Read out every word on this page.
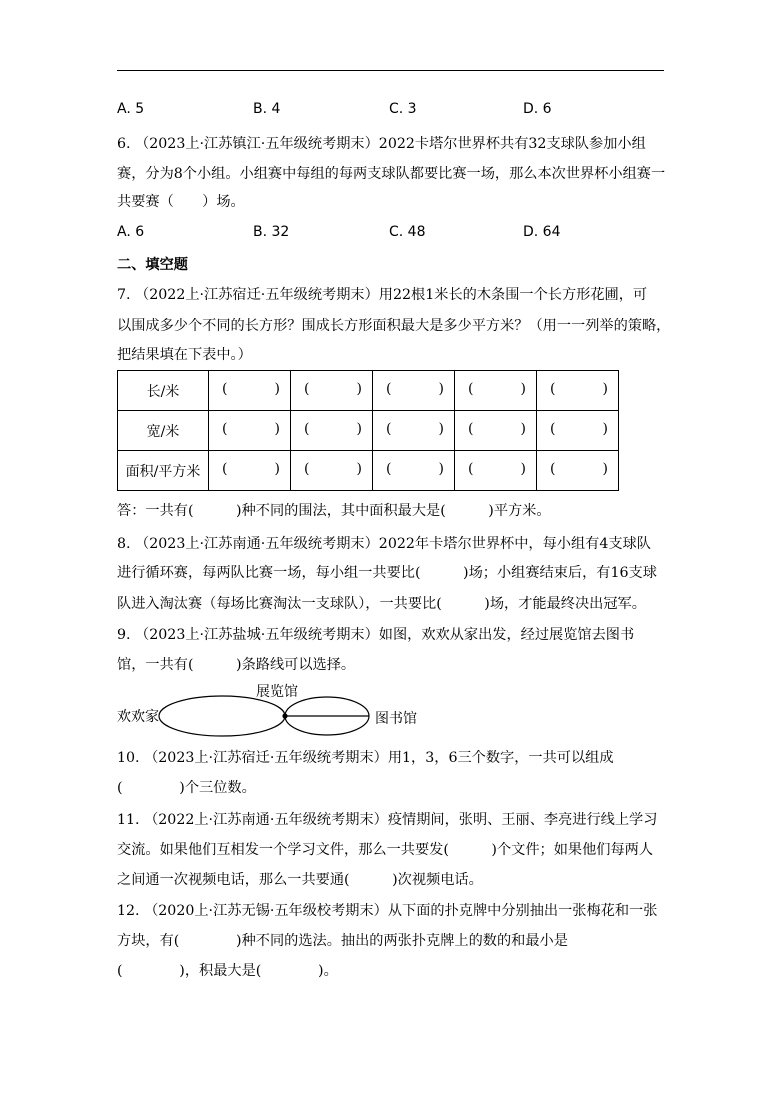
A. 5	B. 4	C. 3	D. 6
6. （2023上·江苏镇江·五年级统考期末）2022卡塔尔世界杯共有32支球队参加小组
赛，分为8个小组。小组赛中每组的每两支球队都要比赛一场，那么本次世界杯小组赛一
共要赛（　　）场。
A. 6	B. 32	C. 48	D. 64
二、填空题
7. （2022上·江苏宿迁·五年级统考期末）用22根1米长的木条围一个长方形花圃，可
以围成多少个不同的长方形？围成长方形面积最大是多少平方米？（用一一列举的策略，
把结果填在下表中。）
长/米	( )	( )	( )	( )	( )

宽/米	( )	( )	( )	( )	( )

面积/平方米	( )	( )	( )	( )	( )
答：一共有(　　　)种不同的围法，其中面积最大是(　　　)平方米。
8. （2023上·江苏南通·五年级统考期末）2022年卡塔尔世界杯中，每小组有4支球队
进行循环赛，每两队比赛一场，每小组一共要比(　　　)场；小组赛结束后，有16支球
队进入淘汰赛（每场比赛淘汰一支球队），一共要比(　　　)场，才能最终决出冠军。
9. （2023上·江苏盐城·五年级统考期末）如图，欢欢从家出发，经过展览馆去图书
馆，一共有(　　　)条路线可以选择。
欢欢家
展览馆
图书馆
10. （2023上·江苏宿迁·五年级统考期末）用1，3，6三个数字，一共可以组成
(　　　　)个三位数。
11. （2022上·江苏南通·五年级统考期末）疫情期间，张明、王丽、李亮进行线上学习
交流。如果他们互相发一个学习文件，那么一共要发(　　　)个文件；如果他们每两人
之间通一次视频电话，那么一共要通(　　　)次视频电话。
12. （2020上·江苏无锡·五年级校考期末）从下面的扑克牌中分别抽出一张梅花和一张
方块，有(　　　　)种不同的选法。抽出的两张扑克牌上的数的和最小是
(　　　　)，积最大是(　　　　)。
